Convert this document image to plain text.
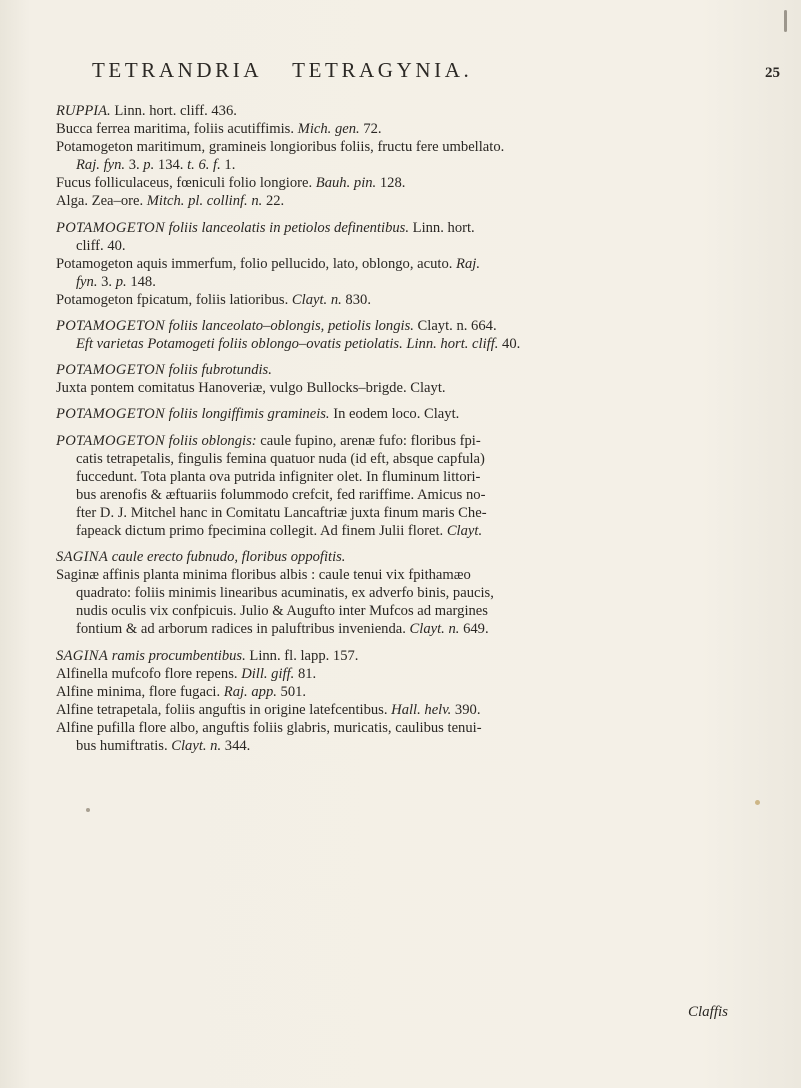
TETRANDRIA TETRAGYNIA.	25
RUPPIA. Linn. hort. cliff. 436.
Bucca ferrea maritima, foliis acutiffimis. Mich. gen. 72.
Potamogeton maritimum, gramineis longioribus foliis, fructu fere umbellato.
Raj. fyn. 3. p. 134. t. 6. f. 1.
Fucus folliculaceus, fœniculi folio longiore. Bauh. pin. 128.
Alga. Zea–ore. Mitch. pl. collinf. n. 22.
POTAMOGETON foliis lanceolatis in petiolos definentibus. Linn. hort.
cliff. 40.
Potamogeton aquis immerfum, folio pellucido, lato, oblongo, acuto. Raj.
fyn. 3. p. 148.
Potamogeton fpicatum, foliis latioribus. Clayt. n. 830.
POTAMOGETON foliis lanceolato–oblongis, petiolis longis. Clayt. n. 664.
Eft varietas Potamogeti foliis oblongo–ovatis petiolatis. Linn. hort. cliff. 40.
POTAMOGETON foliis fubrotundis.
Juxta pontem comitatus Hanoveriæ, vulgo Bullocks–brigde. Clayt.
POTAMOGETON foliis longiffimis gramineis. In eodem loco. Clayt.
POTAMOGETON foliis oblongis: caule fupino, arenæ fufo: floribus fpi-
catis tetrapetalis, fingulis femina quatuor nuda (id eft, absque capfula)
fuccedunt. Tota planta ova putrida infigniter olet. In fluminum littori-
bus arenofis & æftuariis folummodo crefcit, fed rariffime. Amicus no-
fter D. J. Mitchel hanc in Comitatu Lancaftriæ juxta finum maris Che-
fapeack dictum primo fpecimina collegit. Ad finem Julii floret. Clayt.
SAGINA caule erecto fubnudo, floribus oppofitis.
Saginæ affinis planta minima floribus albis : caule tenui vix fpithamæo
quadrato: foliis minimis linearibus acuminatis, ex adverfo binis, paucis,
nudis oculis vix confpicuis. Julio & Augufto inter Mufcos ad margines
fontium & ad arborum radices in paluftribus invenienda. Clayt. n. 649.
SAGINA ramis procumbentibus. Linn. fl. lapp. 157.
Alfinella mufcofo flore repens. Dill. giff. 81.
Alfine minima, flore fugaci. Raj. app. 501.
Alfine tetrapetala, foliis anguftis in origine latefcentibus. Hall. helv. 390.
Alfine pufilla flore albo, anguftis foliis glabris, muricatis, caulibus tenui-
bus humiftratis. Clayt. n. 344.
Claffis
